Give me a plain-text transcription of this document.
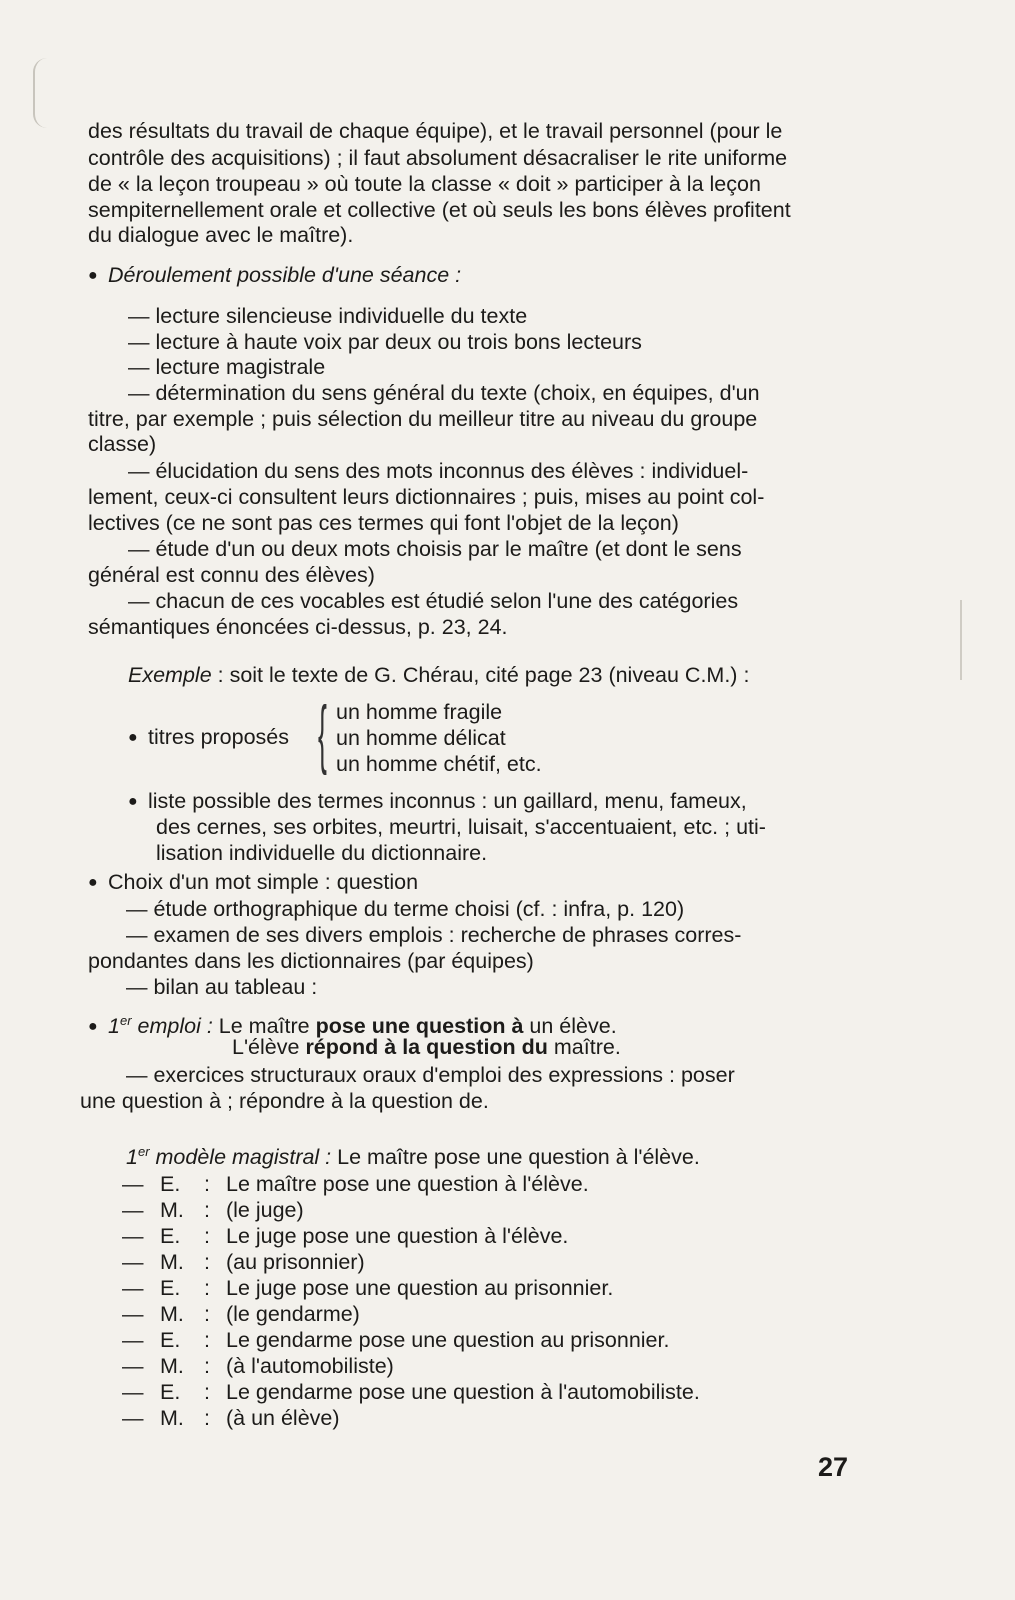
des résultats du travail de chaque équipe), et le travail personnel (pour le

contrôle des acquisitions) ; il faut absolument désacraliser le rite uniforme

de « la leçon troupeau » où toute la classe « doit » participer à la leçon

sempiternellement orale et collective (et où seuls les bons élèves profitent

du dialogue avec le maître).

● Déroulement possible d'une séance :

— lecture silencieuse individuelle du texte

— lecture à haute voix par deux ou trois bons lecteurs

— lecture magistrale

— détermination du sens général du texte (choix, en équipes, d'un

titre, par exemple ; puis sélection du meilleur titre au niveau du groupe

classe)

— élucidation du sens des mots inconnus des élèves : individuel-

lement, ceux-ci consultent leurs dictionnaires ; puis, mises au point col-

lectives (ce ne sont pas ces termes qui font l'objet de la leçon)

— étude d'un ou deux mots choisis par le maître (et dont le sens

général est connu des élèves)

— chacun de ces vocables est étudié selon l'une des catégories

sémantiques énoncées ci-dessus, p. 23, 24.

Exemple : soit le texte de G. Chérau, cité page 23 (niveau C.M.) :

● titres proposés { un homme fragile

un homme délicat

un homme chétif, etc.

● liste possible des termes inconnus : un gaillard, menu, fameux,

des cernes, ses orbites, meurtri, luisait, s'accentuaient, etc. ; uti-

lisation individuelle du dictionnaire.

● Choix d'un mot simple : question

— étude orthographique du terme choisi (cf. : infra, p. 120)

— examen de ses divers emplois : recherche de phrases corres-

pondantes dans les dictionnaires (par équipes)

— bilan au tableau :

● 1er emploi : Le maître pose une question à un élève.

L'élève répond à la question du maître.

— exercices structuraux oraux d'emploi des expressions : poser

une question à ; répondre à la question de.

1er modèle magistral : Le maître pose une question à l'élève.

— E. : Le maître pose une question à l'élève.
— M. : (le juge)
— E. : Le juge pose une question à l'élève.
— M. : (au prisonnier)
— E. : Le juge pose une question au prisonnier.
— M. : (le gendarme)
— E. : Le gendarme pose une question au prisonnier.
— M. : (à l'automobiliste)
— E. : Le gendarme pose une question à l'automobiliste.
— M. : (à un élève)
27
